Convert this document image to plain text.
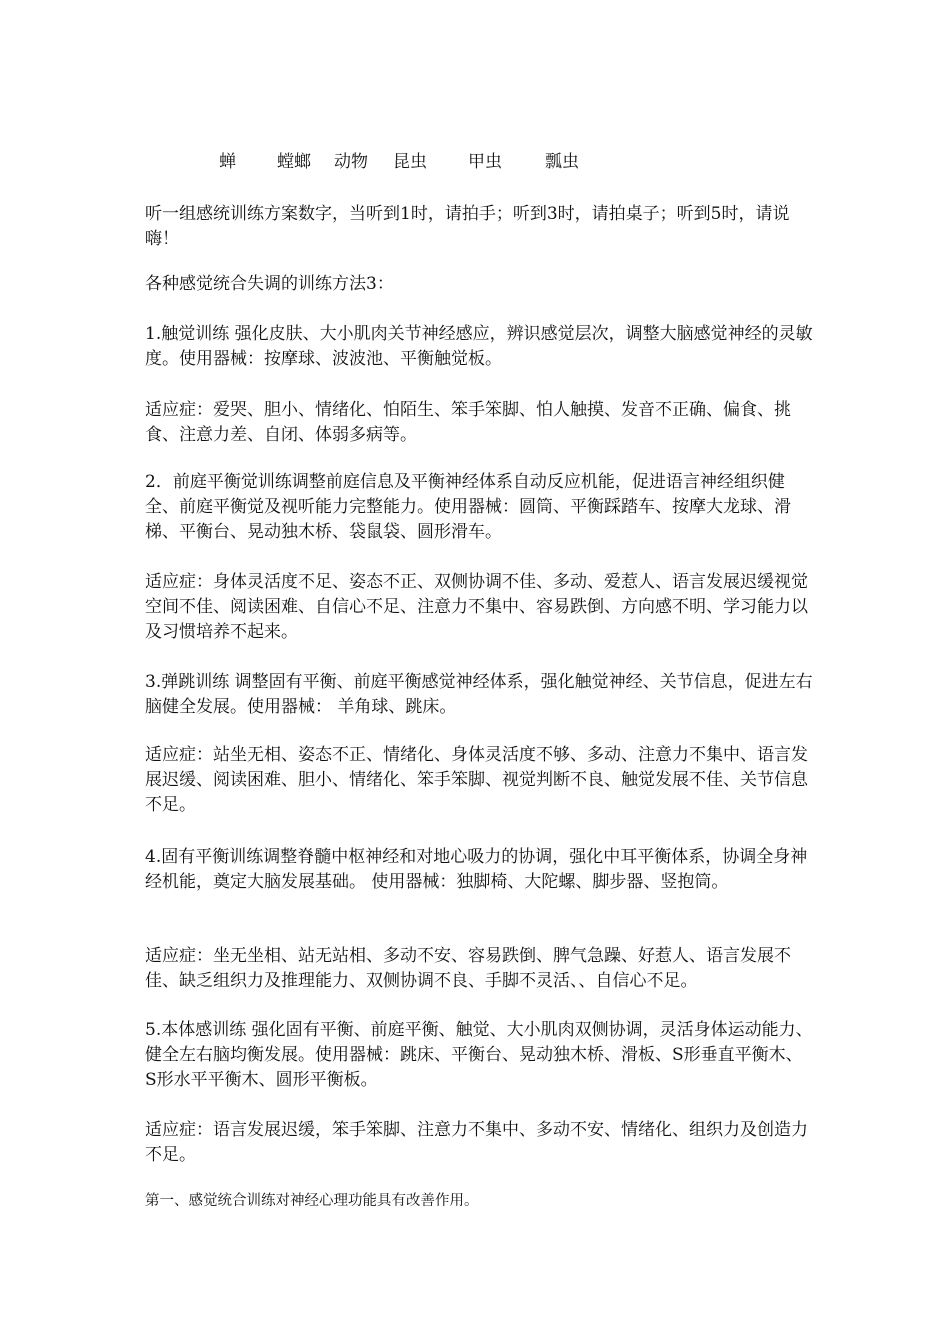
蝉 螳螂 动物 昆虫 甲虫	瓢虫

听一组感统训练方案数字，当听到1时，请拍手；听到3时，请拍桌子；听到5时，请说嗨！

各种感觉统合失调的训练方法3：

1.触觉训练 强化皮肤、大小肌肉关节神经感应，辨识感觉层次，调整大脑感觉神经的灵敏度。使用器械：按摩球、波波池、平衡触觉板。

适应症：爱哭、胆小、情绪化、怕陌生、笨手笨脚、怕人触摸、发音不正确、偏食、挑食、注意力差、自闭、体弱多病等。

2．前庭平衡觉训练调整前庭信息及平衡神经体系自动反应机能，促进语言神经组织健全、前庭平衡觉及视听能力完整能力。使用器械：圆筒、平衡踩踏车、按摩大龙球、滑梯、平衡台、晃动独木桥、袋鼠袋、圆形滑车。

适应症：身体灵活度不足、姿态不正、双侧协调不佳、多动、爱惹人、语言发展迟缓视觉空间不佳、阅读困难、自信心不足、注意力不集中、容易跌倒、方向感不明、学习能力以及习惯培养不起来。

3.弹跳训练 调整固有平衡、前庭平衡感觉神经体系，强化触觉神经、关节信息，促进左右脑健全发展。使用器械： 羊角球、跳床。

适应症：站坐无相、姿态不正、情绪化、身体灵活度不够、多动、注意力不集中、语言发展迟缓、阅读困难、胆小、情绪化、笨手笨脚、视觉判断不良、触觉发展不佳、关节信息不足。

4.固有平衡训练调整脊髓中枢神经和对地心吸力的协调，强化中耳平衡体系，协调全身神经机能，奠定大脑发展基础。 使用器械：独脚椅、大陀螺、脚步器、竖抱筒。

适应症：坐无坐相、站无站相、多动不安、容易跌倒、脾气急躁、好惹人、语言发展不佳、缺乏组织力及推理能力、双侧协调不良、手脚不灵活、、自信心不足。

5.本体感训练 强化固有平衡、前庭平衡、触觉、大小肌肉双侧协调，灵活身体运动能力、健全左右脑均衡发展。使用器械：跳床、平衡台、晃动独木桥、滑板、S形垂直平衡木、S形水平平衡木、圆形平衡板。

适应症：语言发展迟缓，笨手笨脚、注意力不集中、多动不安、情绪化、组织力及创造力不足。

第一、感觉统合训练对神经心理功能具有改善作用。
